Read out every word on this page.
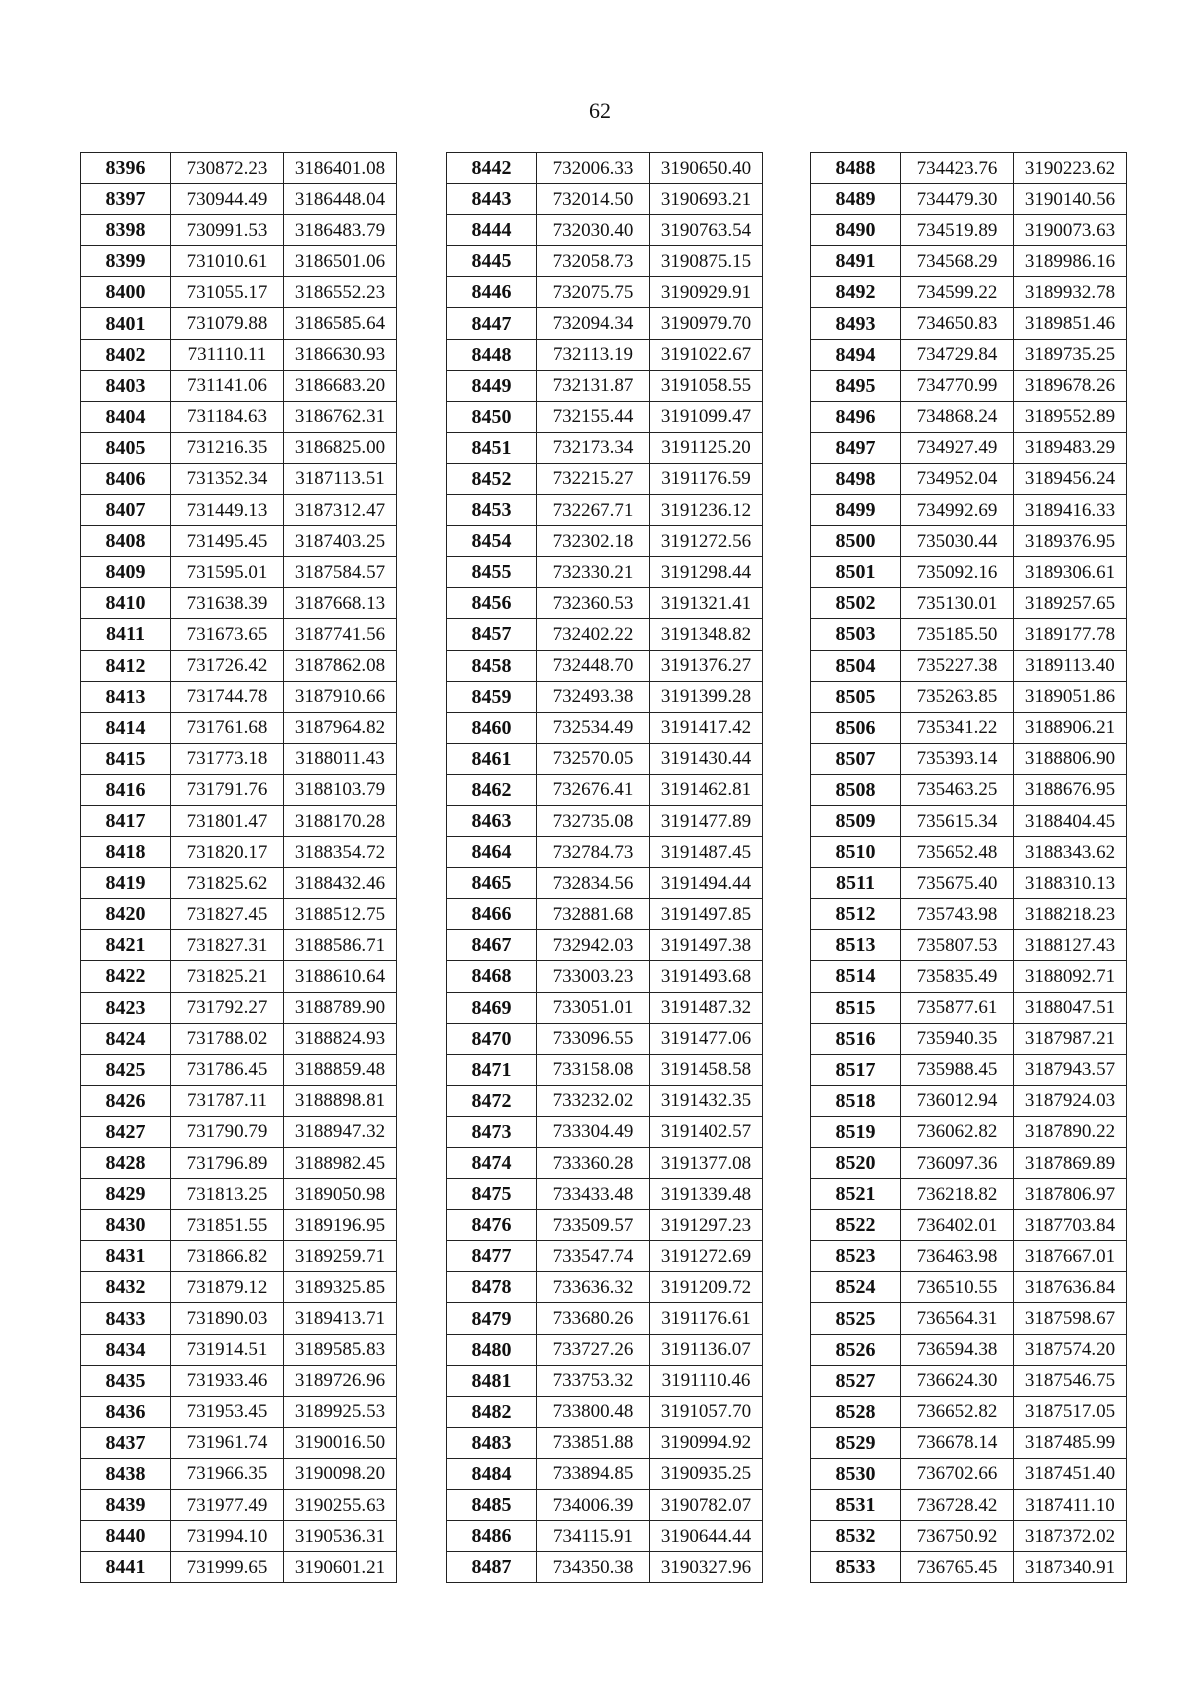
62
8396	730872.23	3186401.08
8397	730944.49	3186448.04
8398	730991.53	3186483.79
8399	731010.61	3186501.06
8400	731055.17	3186552.23
8401	731079.88	3186585.64
8402	731110.11	3186630.93
8403	731141.06	3186683.20
8404	731184.63	3186762.31
8405	731216.35	3186825.00
8406	731352.34	3187113.51
8407	731449.13	3187312.47
8408	731495.45	3187403.25
8409	731595.01	3187584.57
8410	731638.39	3187668.13
8411	731673.65	3187741.56
8412	731726.42	3187862.08
8413	731744.78	3187910.66
8414	731761.68	3187964.82
8415	731773.18	3188011.43
8416	731791.76	3188103.79
8417	731801.47	3188170.28
8418	731820.17	3188354.72
8419	731825.62	3188432.46
8420	731827.45	3188512.75
8421	731827.31	3188586.71
8422	731825.21	3188610.64
8423	731792.27	3188789.90
8424	731788.02	3188824.93
8425	731786.45	3188859.48
8426	731787.11	3188898.81
8427	731790.79	3188947.32
8428	731796.89	3188982.45
8429	731813.25	3189050.98
8430	731851.55	3189196.95
8431	731866.82	3189259.71
8432	731879.12	3189325.85
8433	731890.03	3189413.71
8434	731914.51	3189585.83
8435	731933.46	3189726.96
8436	731953.45	3189925.53
8437	731961.74	3190016.50
8438	731966.35	3190098.20
8439	731977.49	3190255.63
8440	731994.10	3190536.31
8441	731999.65	3190601.21
8442	732006.33	3190650.40
8443	732014.50	3190693.21
8444	732030.40	3190763.54
8445	732058.73	3190875.15
8446	732075.75	3190929.91
8447	732094.34	3190979.70
8448	732113.19	3191022.67
8449	732131.87	3191058.55
8450	732155.44	3191099.47
8451	732173.34	3191125.20
8452	732215.27	3191176.59
8453	732267.71	3191236.12
8454	732302.18	3191272.56
8455	732330.21	3191298.44
8456	732360.53	3191321.41
8457	732402.22	3191348.82
8458	732448.70	3191376.27
8459	732493.38	3191399.28
8460	732534.49	3191417.42
8461	732570.05	3191430.44
8462	732676.41	3191462.81
8463	732735.08	3191477.89
8464	732784.73	3191487.45
8465	732834.56	3191494.44
8466	732881.68	3191497.85
8467	732942.03	3191497.38
8468	733003.23	3191493.68
8469	733051.01	3191487.32
8470	733096.55	3191477.06
8471	733158.08	3191458.58
8472	733232.02	3191432.35
8473	733304.49	3191402.57
8474	733360.28	3191377.08
8475	733433.48	3191339.48
8476	733509.57	3191297.23
8477	733547.74	3191272.69
8478	733636.32	3191209.72
8479	733680.26	3191176.61
8480	733727.26	3191136.07
8481	733753.32	3191110.46
8482	733800.48	3191057.70
8483	733851.88	3190994.92
8484	733894.85	3190935.25
8485	734006.39	3190782.07
8486	734115.91	3190644.44
8487	734350.38	3190327.96
8488	734423.76	3190223.62
8489	734479.30	3190140.56
8490	734519.89	3190073.63
8491	734568.29	3189986.16
8492	734599.22	3189932.78
8493	734650.83	3189851.46
8494	734729.84	3189735.25
8495	734770.99	3189678.26
8496	734868.24	3189552.89
8497	734927.49	3189483.29
8498	734952.04	3189456.24
8499	734992.69	3189416.33
8500	735030.44	3189376.95
8501	735092.16	3189306.61
8502	735130.01	3189257.65
8503	735185.50	3189177.78
8504	735227.38	3189113.40
8505	735263.85	3189051.86
8506	735341.22	3188906.21
8507	735393.14	3188806.90
8508	735463.25	3188676.95
8509	735615.34	3188404.45
8510	735652.48	3188343.62
8511	735675.40	3188310.13
8512	735743.98	3188218.23
8513	735807.53	3188127.43
8514	735835.49	3188092.71
8515	735877.61	3188047.51
8516	735940.35	3187987.21
8517	735988.45	3187943.57
8518	736012.94	3187924.03
8519	736062.82	3187890.22
8520	736097.36	3187869.89
8521	736218.82	3187806.97
8522	736402.01	3187703.84
8523	736463.98	3187667.01
8524	736510.55	3187636.84
8525	736564.31	3187598.67
8526	736594.38	3187574.20
8527	736624.30	3187546.75
8528	736652.82	3187517.05
8529	736678.14	3187485.99
8530	736702.66	3187451.40
8531	736728.42	3187411.10
8532	736750.92	3187372.02
8533	736765.45	3187340.91
